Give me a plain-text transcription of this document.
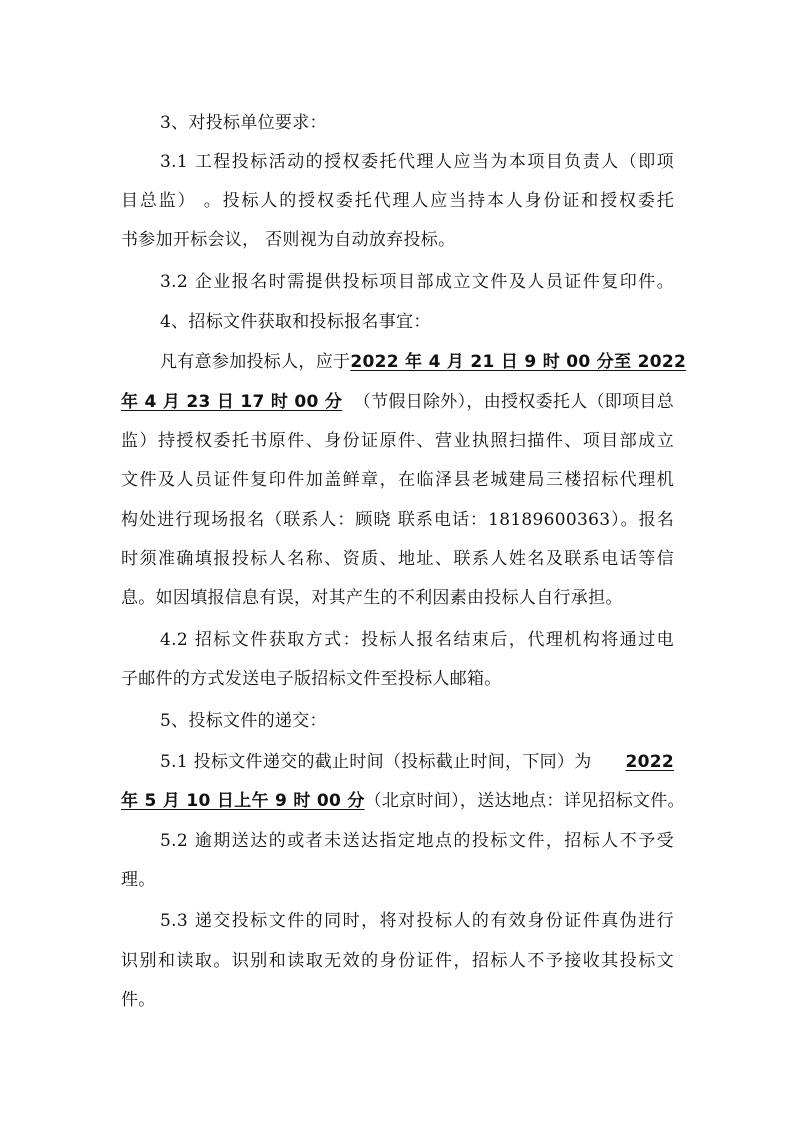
3、对投标单位要求：
3.1 工程投标活动的授权委托代理人应当为本项目负责人（即项
目总监） 。投标人的授权委托代理人应当持本人身份证和授权委托
书参加开标会议， 否则视为自动放弃投标。
3.2 企业报名时需提供投标项目部成立文件及人员证件复印件。
4、招标文件获取和投标报名事宜：
凡有意参加投标人，应于 2022 年 4 月 21 日 9 时 00 分至 2022
年 4 月 23 日 17 时 00 分 （节假日除外），由授权委托人（即项目总
监）持授权委托书原件、身份证原件、营业执照扫描件、项目部成立
文件及人员证件复印件加盖鲜章，在临泽县老城建局三楼招标代理机
构处进行现场报名（联系人：顾晓 联系电话：18189600363）。报名
时须准确填报投标人名称、资质、地址、联系人姓名及联系电话等信
息。如因填报信息有误，对其产生的不利因素由投标人自行承担。
4.2 招标文件获取方式：投标人报名结束后，代理机构将通过电
子邮件的方式发送电子版招标文件至投标人邮箱。
5、投标文件的递交：
5.1 投标文件递交的截止时间（投标截止时间，下同）为 2022
年 5 月 10 日上午 9 时 00 分 （北京时间），送达地点：详见招标文件。
5.2 逾期送达的或者未送达指定地点的投标文件，招标人不予受
理。
5.3 递交投标文件的同时，将对投标人的有效身份证件真伪进行
识别和读取。识别和读取无效的身份证件，招标人不予接收其投标文
件。
